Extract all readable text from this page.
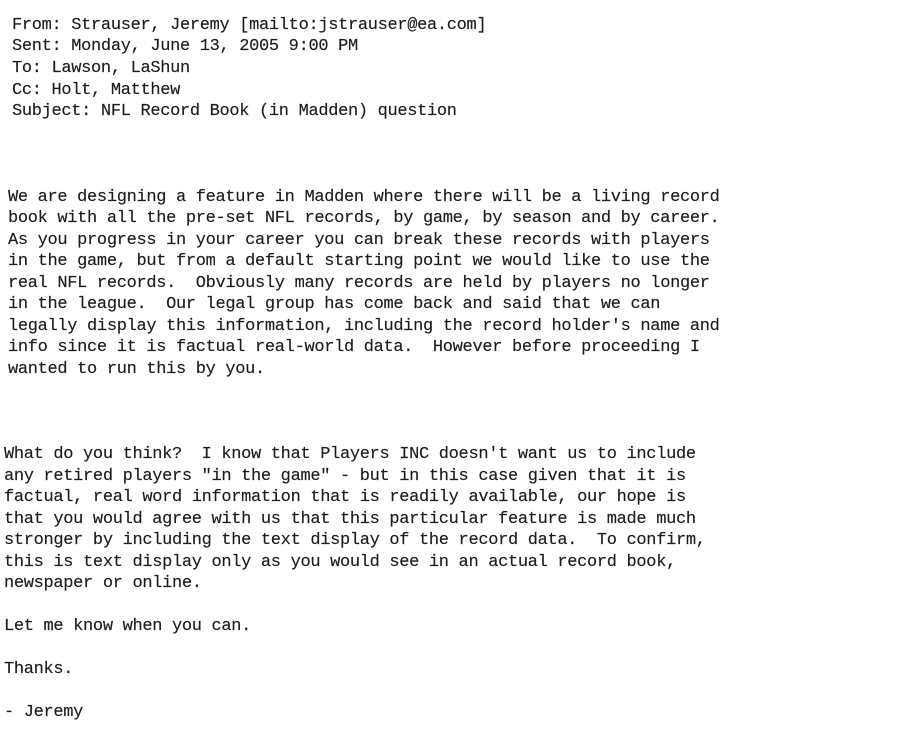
From: Strauser, Jeremy [mailto:jstrauser@ea.com]

Sent: Monday, June 13, 2005 9:00 PM

To: Lawson, LaShun

Cc: Holt, Matthew

Subject: NFL Record Book (in Madden) question

We are designing a feature in Madden where there will be a living record

book with all the pre-set NFL records, by game, by season and by career.

As you progress in your career you can break these records with players

in the game, but from a default starting point we would like to use the

real NFL records.  Obviously many records are held by players no longer

in the league.  Our legal group has come back and said that we can

legally display this information, including the record holder's name and

info since it is factual real-world data.  However before proceeding I

wanted to run this by you.

What do you think?  I know that Players INC doesn't want us to include

any retired players "in the game" - but in this case given that it is

factual, real word information that is readily available, our hope is

that you would agree with us that this particular feature is made much

stronger by including the text display of the record data.  To confirm,

this is text display only as you would see in an actual record book,

newspaper or online.

Let me know when you can.

Thanks.

- Jeremy
